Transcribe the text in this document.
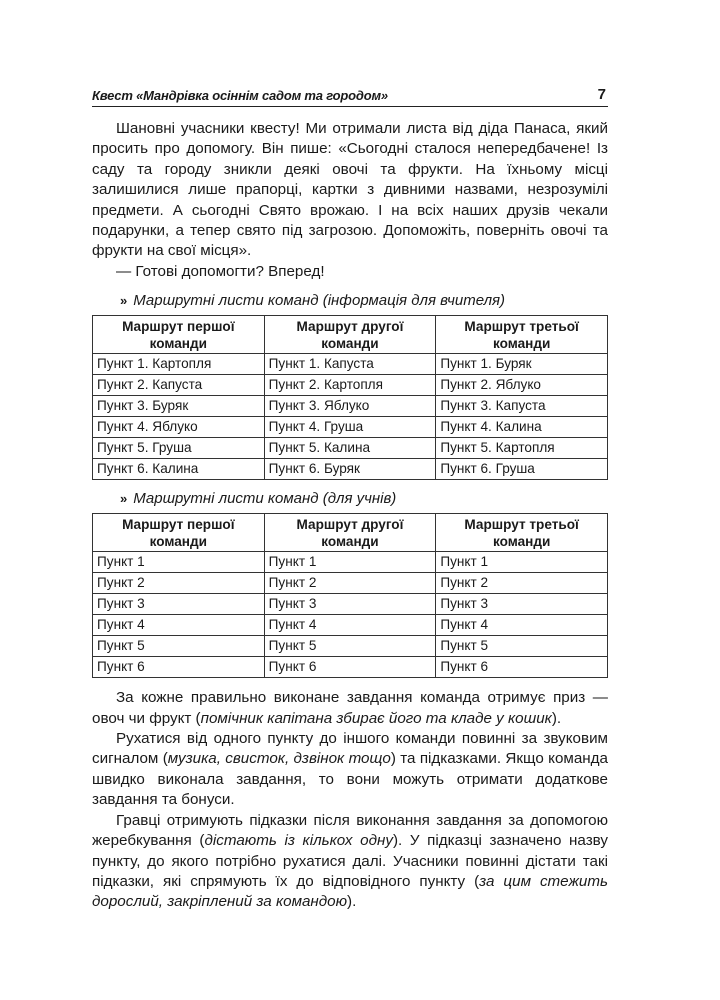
Квест «Мандрівка осіннім садом та городом»	7

Шановні учасники квесту! Ми отримали листа від діда Панаса, який просить про допомогу. Він пише: «Сьогодні сталося непередбачене! Із саду та городу зникли деякі овочі та фрукти. На їхньому місці залишилися лише прапорці, картки з дивними назвами, незрозумілі предмети. А сьогодні Свято врожаю. І на всіх наших друзів чекали подарунки, а тепер свято під загрозою. Допоможіть, поверніть овочі та фрукти на свої місця».

— Готові допомогти? Вперед!

» Маршрутні листи команд (інформація для вчителя)
Маршрут першої команди	Маршрут другої команди	Маршрут третьої команди
Пункт 1. Картопля	Пункт 1. Капуста	Пункт 1. Буряк
Пункт 2. Капуста	Пункт 2. Картопля	Пункт 2. Яблуко
Пункт 3. Буряк	Пункт 3. Яблуко	Пункт 3. Капуста
Пункт 4. Яблуко	Пункт 4. Груша	Пункт 4. Калина
Пункт 5. Груша	Пункт 5. Калина	Пункт 5. Картопля
Пункт 6. Калина	Пункт 6. Буряк	Пункт 6. Груша
» Маршрутні листи команд (для учнів)
Маршрут першої команди	Маршрут другої команди	Маршрут третьої команди
Пункт 1	Пункт 1	Пункт 1
Пункт 2	Пункт 2	Пункт 2
Пункт 3	Пункт 3	Пункт 3
Пункт 4	Пункт 4	Пункт 4
Пункт 5	Пункт 5	Пункт 5
Пункт 6	Пункт 6	Пункт 6

За кожне правильно виконане завдання команда отримує приз — овоч чи фрукт (помічник капітана збирає його та кладе у кошик).

Рухатися від одного пункту до іншого команди повинні за звуковим сигналом (музика, свисток, дзвінок тощо) та підказками. Якщо команда швидко виконала завдання, то вони можуть отримати додаткове завдання та бонуси.

Гравці отримують підказки після виконання завдання за допомогою жеребкування (дістають із кількох одну). У підказці зазначено назву пункту, до якого потрібно рухатися далі. Учасники повинні дістати такі підказки, які спрямують їх до відповідного пункту (за цим стежить дорослий, закріплений за командою).
